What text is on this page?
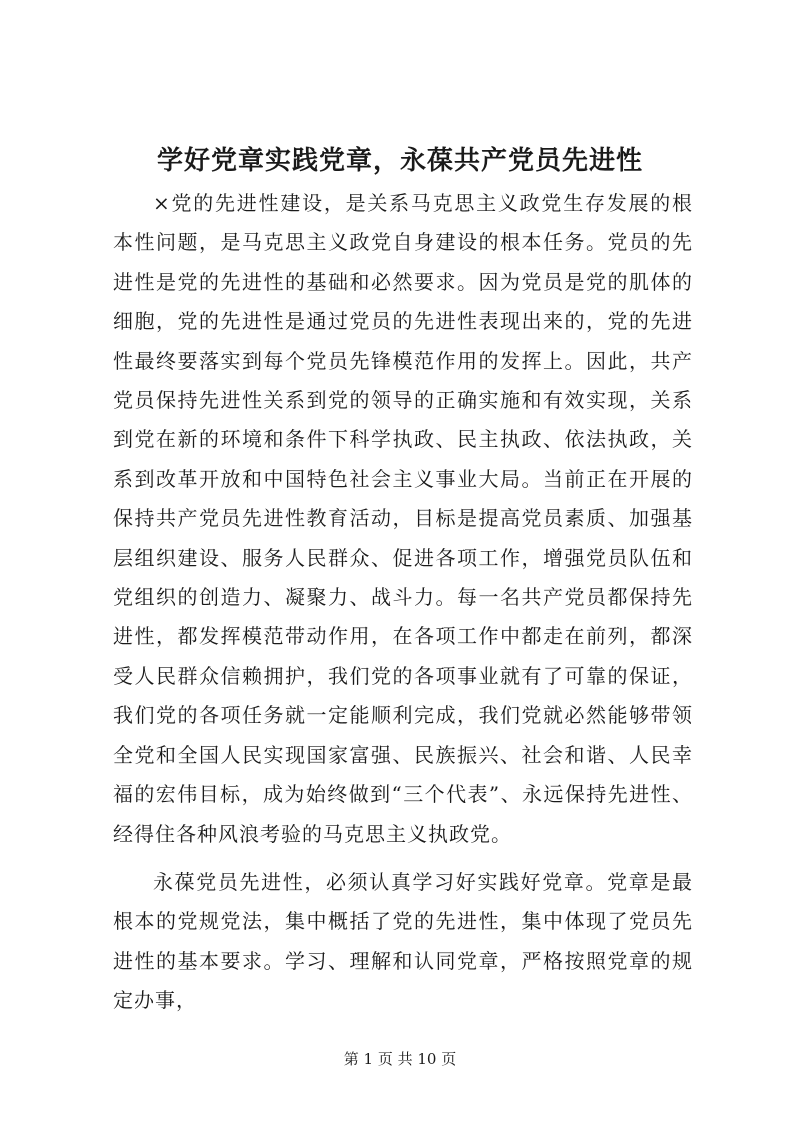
学好党章实践党章，永葆共产党员先进性

×党的先进性建设，是关系马克思主义政党生存发展的根本性问题，是马克思主义政党自身建设的根本任务。党员的先进性是党的先进性的基础和必然要求。因为党员是党的肌体的细胞，党的先进性是通过党员的先进性表现出来的，党的先进性最终要落实到每个党员先锋模范作用的发挥上。因此，共产党员保持先进性关系到党的领导的正确实施和有效实现，关系到党在新的环境和条件下科学执政、民主执政、依法执政，关系到改革开放和中国特色社会主义事业大局。当前正在开展的保持共产党员先进性教育活动，目标是提高党员素质、加强基层组织建设、服务人民群众、促进各项工作，增强党员队伍和党组织的创造力、凝聚力、战斗力。每一名共产党员都保持先进性，都发挥模范带动作用，在各项工作中都走在前列，都深受人民群众信赖拥护，我们党的各项事业就有了可靠的保证，我们党的各项任务就一定能顺利完成，我们党就必然能够带领全党和全国人民实现国家富强、民族振兴、社会和谐、人民幸福的宏伟目标，成为始终做到“三个代表”、永远保持先进性、经得住各种风浪考验的马克思主义执政党。

永葆党员先进性，必须认真学习好实践好党章。党章是最根本的党规党法，集中概括了党的先进性，集中体现了党员先进性的基本要求。学习、理解和认同党章，严格按照党章的规定办事，

第 1 页 共 10 页
